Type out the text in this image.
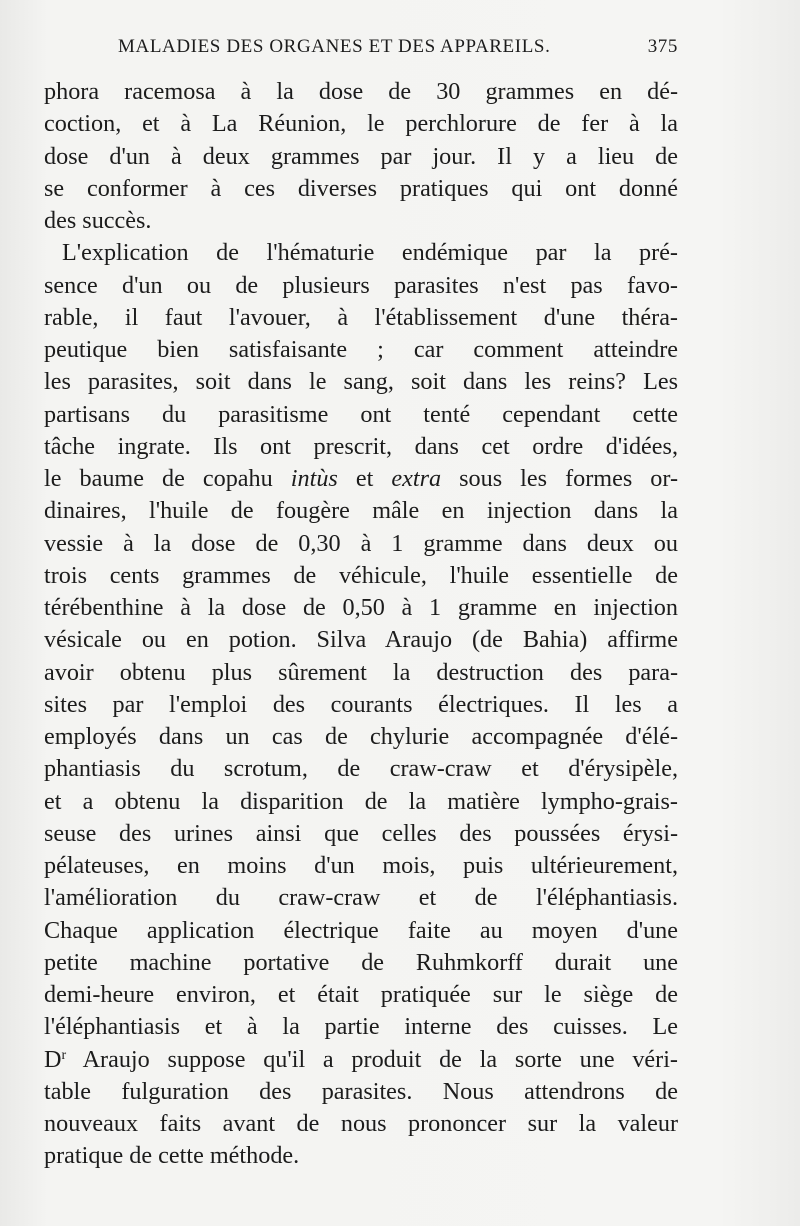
MALADIES DES ORGANES ET DES APPAREILS.	375
phora racemosa à la dose de 30 grammes en dé-
coction, et à La Réunion, le perchlorure de fer à la
dose d'un à deux grammes par jour. Il y a lieu de
se conformer à ces diverses pratiques qui ont donné
des succès.
L'explication de l'hématurie endémique par la pré-
sence d'un ou de plusieurs parasites n'est pas favo-
rable, il faut l'avouer, à l'établissement d'une théra-
peutique bien satisfaisante ; car comment atteindre
les parasites, soit dans le sang, soit dans les reins? Les
partisans du parasitisme ont tenté cependant cette
tâche ingrate. Ils ont prescrit, dans cet ordre d'idées,
le baume de copahu intùs et extra sous les formes or-
dinaires, l'huile de fougère mâle en injection dans la
vessie à la dose de 0,30 à 1 gramme dans deux ou
trois cents grammes de véhicule, l'huile essentielle de
térébenthine à la dose de 0,50 à 1 gramme en injection
vésicale ou en potion. Silva Araujo (de Bahia) affirme
avoir obtenu plus sûrement la destruction des para-
sites par l'emploi des courants électriques. Il les a
employés dans un cas de chylurie accompagnée d'élé-
phantiasis du scrotum, de craw-craw et d'érysipèle,
et a obtenu la disparition de la matière lympho-grais-
seuse des urines ainsi que celles des poussées érysi-
pélateuses, en moins d'un mois, puis ultérieurement,
l'amélioration du craw-craw et de l'éléphantiasis.
Chaque application électrique faite au moyen d'une
petite machine portative de Ruhmkorff durait une
demi-heure environ, et était pratiquée sur le siège de
l'éléphantiasis et à la partie interne des cuisses. Le
$D^r$ Araujo suppose qu'il a produit de la sorte une véri-
table fulguration des parasites. Nous attendrons de
nouveaux faits avant de nous prononcer sur la valeur
pratique de cette méthode.
